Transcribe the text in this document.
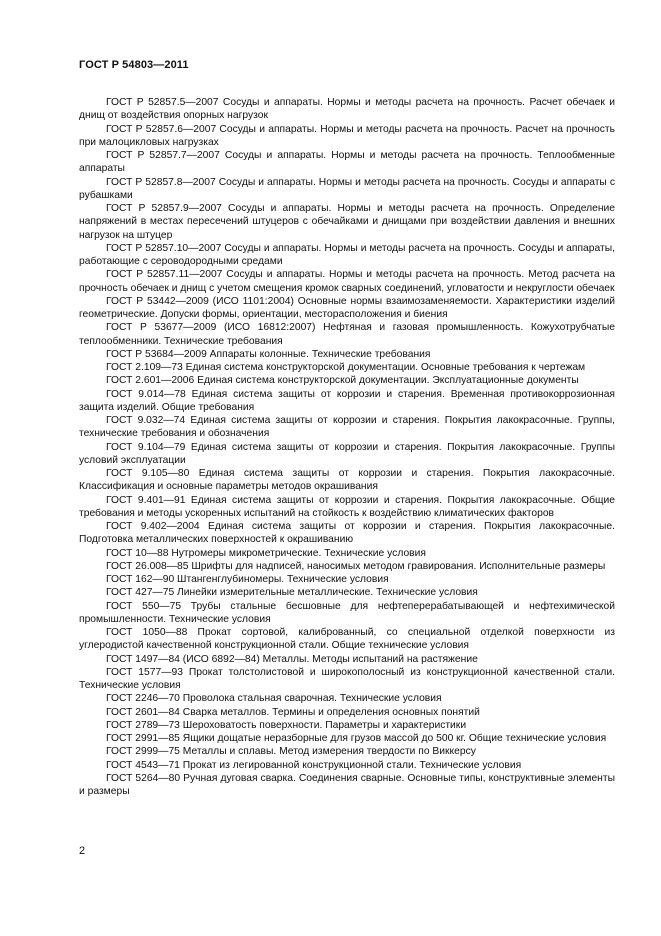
ГОСТ Р 54803—2011

ГОСТ Р 52857.5—2007 Сосуды и аппараты. Нормы и методы расчета на прочность. Расчет обечаек и днищ от воздействия опорных нагрузок

ГОСТ Р 52857.6—2007 Сосуды и аппараты. Нормы и методы расчета на прочность. Расчет на прочность при малоцикловых нагрузках

ГОСТ Р 52857.7—2007 Сосуды и аппараты. Нормы и методы расчета на прочность. Теплообменные аппараты

ГОСТ Р 52857.8—2007 Сосуды и аппараты. Нормы и методы расчета на прочность. Сосуды и аппараты с рубашками

ГОСТ Р 52857.9—2007 Сосуды и аппараты. Нормы и методы расчета на прочность. Определение напряжений в местах пересечений штуцеров с обечайками и днищами при воздействии давления и внешних нагрузок на штуцер

ГОСТ Р 52857.10—2007 Сосуды и аппараты. Нормы и методы расчета на прочность. Сосуды и аппараты, работающие с сероводородными средами

ГОСТ Р 52857.11—2007 Сосуды и аппараты. Нормы и методы расчета на прочность. Метод расчета на прочность обечаек и днищ с учетом смещения кромок сварных соединений, угловатости и некруглости обечаек

ГОСТ Р 53442—2009 (ИСО 1101:2004) Основные нормы взаимозаменяемости. Характеристики изделий геометрические. Допуски формы, ориентации, месторасположения и биения

ГОСТ Р 53677—2009 (ИСО 16812:2007) Нефтяная и газовая промышленность. Кожухотрубчатые теплообменники. Технические требования

ГОСТ Р 53684—2009 Аппараты колонные. Технические требования

ГОСТ 2.109—73 Единая система конструкторской документации. Основные требования к чертежам

ГОСТ 2.601—2006 Единая система конструкторской документации. Эксплуатационные документы

ГОСТ 9.014—78 Единая система защиты от коррозии и старения. Временная противокоррозионная защита изделий. Общие требования

ГОСТ 9.032—74 Единая система защиты от коррозии и старения. Покрытия лакокрасочные. Группы, технические требования и обозначения

ГОСТ 9.104—79 Единая система защиты от коррозии и старения. Покрытия лакокрасочные. Группы условий эксплуатации

ГОСТ 9.105—80 Единая система защиты от коррозии и старения. Покрытия лакокрасочные. Классификация и основные параметры методов окрашивания

ГОСТ 9.401—91 Единая система защиты от коррозии и старения. Покрытия лакокрасочные. Общие требования и методы ускоренных испытаний на стойкость к воздействию климатических факторов

ГОСТ 9.402—2004 Единая система защиты от коррозии и старения. Покрытия лакокрасочные. Подготовка металлических поверхностей к окрашиванию

ГОСТ 10—88 Нутромеры микрометрические. Технические условия

ГОСТ 26.008—85 Шрифты для надписей, наносимых методом гравирования. Исполнительные размеры

ГОСТ 162—90 Штангенглубиномеры. Технические условия

ГОСТ 427—75 Линейки измерительные металлические. Технические условия

ГОСТ 550—75 Трубы стальные бесшовные для нефтеперерабатывающей и нефтехимической промышленности. Технические условия

ГОСТ 1050—88 Прокат сортовой, калиброванный, со специальной отделкой поверхности из углеродистой качественной конструкционной стали. Общие технические условия

ГОСТ 1497—84 (ИСО 6892—84) Металлы. Методы испытаний на растяжение

ГОСТ 1577—93 Прокат толстолистовой и широкополосный из конструкционной качественной стали. Технические условия

ГОСТ 2246—70 Проволока стальная сварочная. Технические условия

ГОСТ 2601—84 Сварка металлов. Термины и определения основных понятий

ГОСТ 2789—73 Шероховатость поверхности. Параметры и характеристики

ГОСТ 2991—85 Ящики дощатые неразборные для грузов массой до 500 кг. Общие технические условия

ГОСТ 2999—75 Металлы и сплавы. Метод измерения твердости по Виккерсу

ГОСТ 4543—71 Прокат из легированной конструкционной стали. Технические условия

ГОСТ 5264—80 Ручная дуговая сварка. Соединения сварные. Основные типы, конструктивные элементы и размеры

2
